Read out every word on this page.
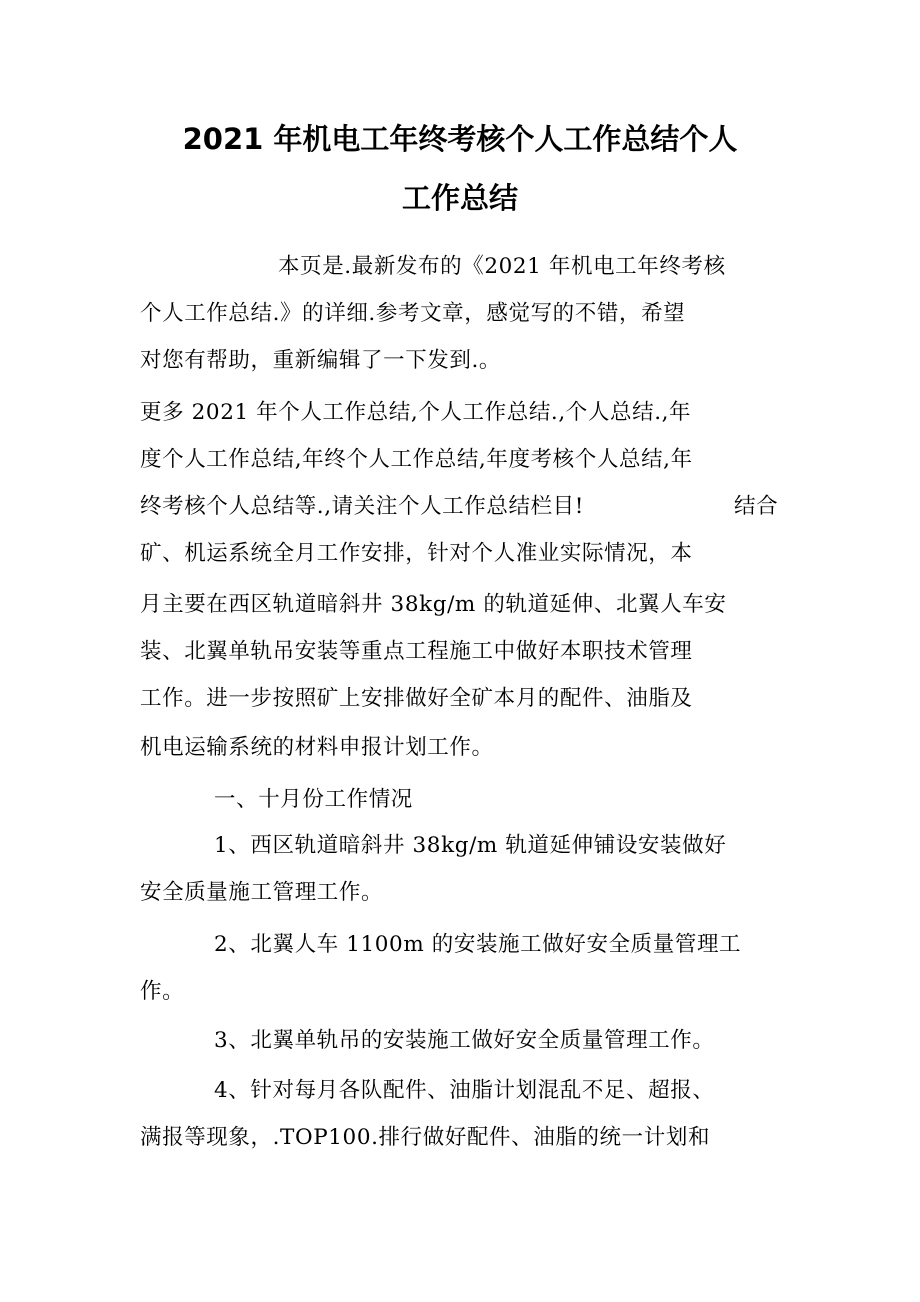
2021 年机电工年终考核个人工作总结个人
工作总结
本页是.最新发布的《2021 年机电工年终考核
个人工作总结.》的详细.参考文章，感觉写的不错，希望
对您有帮助，重新编辑了一下发到.。
更多 2021 年个人工作总结,个人工作总结.,个人总结.,年
度个人工作总结,年终个人工作总结,年度考核个人总结,年
终考核个人总结等.,请关注个人工作总结栏目!	结合
矿、机运系统全月工作安排，针对个人准业实际情况，本
月主要在西区轨道暗斜井 38kg/m 的轨道延伸、北翼人车安
装、北翼单轨吊安装等重点工程施工中做好本职技术管理
工作。进一步按照矿上安排做好全矿本月的配件、油脂及
机电运输系统的材料申报计划工作。
一、十月份工作情况
1、西区轨道暗斜井 38kg/m 轨道延伸铺设安装做好
安全质量施工管理工作。
2、北翼人车 1100m 的安装施工做好安全质量管理工
作。
3、北翼单轨吊的安装施工做好安全质量管理工作。
4、针对每月各队配件、油脂计划混乱不足、超报、
满报等现象，.TOP100.排行做好配件、油脂的统一计划和
